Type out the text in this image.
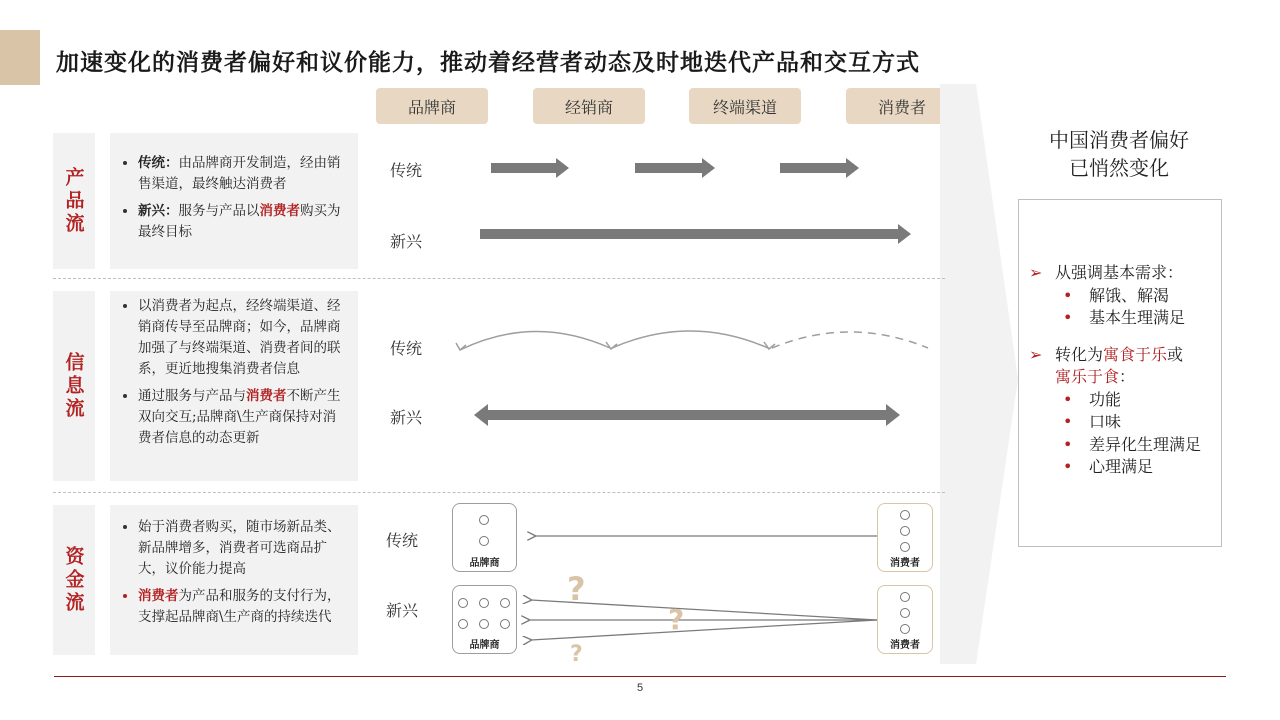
加速变化的消费者偏好和议价能力，推动着经营者动态及时地迭代产品和交互方式
品牌商	经销商	终端渠道	消费者
产品流
• 传统：由品牌商开发制造，经由销售渠道，最终触达消费者
• 新兴：服务与产品以消费者购买为最终目标
传统
新兴
信息流
• 以消费者为起点，经终端渠道、经销商传导至品牌商；如今，品牌商加强了与终端渠道、消费者间的联系，更近地搜集消费者信息
• 通过服务与产品与消费者不断产生双向交互;品牌商\生产商保持对消费者信息的动态更新
传统
新兴
资金流
• 始于消费者购买，随市场新品类、新品牌增多，消费者可选商品扩大，议价能力提高
• 消费者为产品和服务的支付行为，支撑起品牌商\生产商的持续迭代
传统
新兴
?
?
?
品牌商	消费者
品牌商	消费者
中国消费者偏好
已悄然变化
➢ 从强调基本需求：
•	解饿、解渴
•	基本生理满足
➢ 转化为寓食于乐或
寓乐于食：
•	功能
•	口味
•	差异化生理满足
•	心理满足
5
